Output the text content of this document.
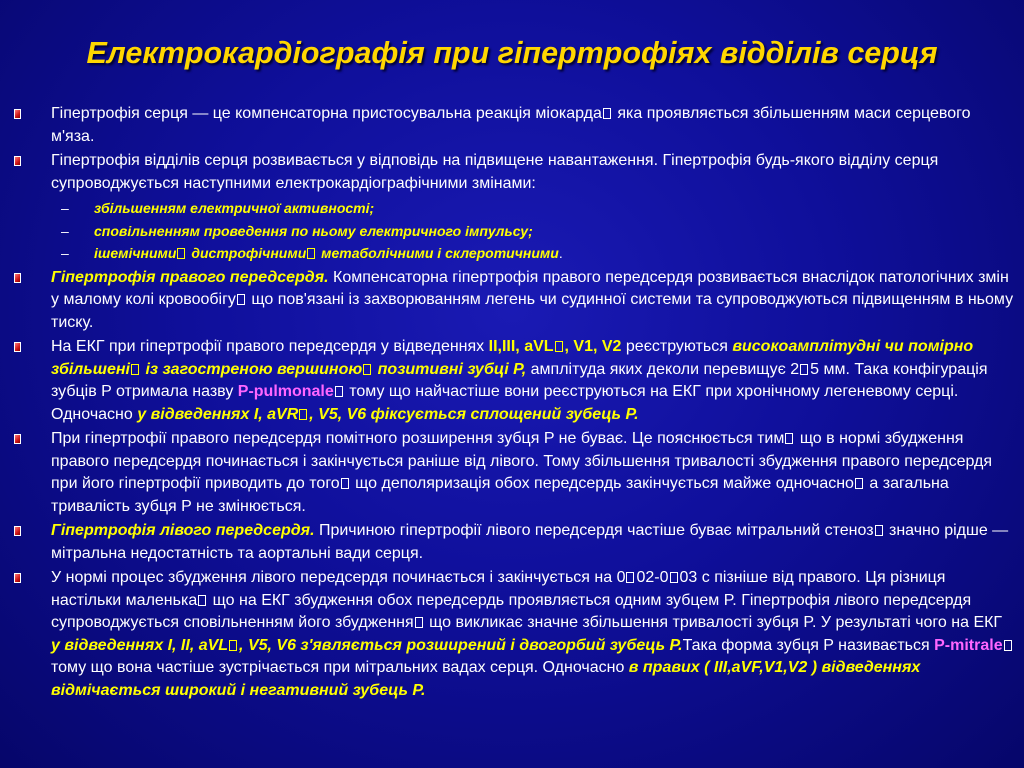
Електрокардіографія при гіпертрофіях відділів серця
Гіпертрофія серця — це компенсаторна пристосувальна реакція міокарда яка проявляється збільшенням маси серцевого м'яза.
Гіпертрофія відділів серця розвивається у відповідь на підвищене навантаження. Гіпертрофія будь-якого відділу серця супроводжується наступними електрокардіографічними змінами:
– збільшенням електричної активності;
– сповільненням проведення по ньому електричного імпульсу;
– ішемічними дистрофічними метаболічними і склеротичними.
Гіпертрофія правого передсердя. Компенсаторна гіпертрофія правого передсердя розвивається внаслідок патологічних змін у малому колі кровообігу що пов'язані із захворюванням легень чи судинної системи та супроводжуються підвищенням в ньому тиску.
На ЕКГ при гіпертрофії правого передсердя у відведеннях II,III, aVL , V1, V2 реєструються високоамплітудні чи помірно збільшені із загостреною вершиною позитивні зубці P, амплітуда яких деколи перевищує 2 5 мм. Така конфігурація зубців P отримала назву P-pulmonale тому що найчастіше вони реєструються на ЕКГ при хронічному легеневому серці. Одночасно у відведеннях I, aVR , V5, V6 фіксується сплощений зубець P.
При гіпертрофії правого передсердя помітного розширення зубця P не буває. Це пояснюється тим що в нормі збудження правого передсердя починається і закінчується раніше від лівого. Тому збільшення тривалості збудження правого передсердя при його гіпертрофії приводить до того що деполяризація обох передсердь закінчується майже одночасно а загальна тривалість зубця P не змінюється.
Гіпертрофія лівого передсердя. Причиною гіпертрофії лівого передсердя частіше буває мітральний стеноз значно рідше — мітральна недостатність та аортальні вади серця.
У нормі процес збудження лівого передсердя починається і закінчується на 0 02-0 03 с пізніше від правого. Ця різниця настільки маленька що на ЕКГ збудження обох передсердь проявляється одним зубцем P. Гіпертрофія лівого передсердя супроводжується сповільненням його збудження що викликає значне збільшення тривалості зубця P. У результаті чого на ЕКГ у відведеннях I, II, aVL , V5, V6 з'являється розширений і двогорбий зубець P.Така форма зубця P називається P-mitrale тому що вона частіше зустрічається при мітральних вадах серця. Одночасно в правих ( III,aVF,V1,V2 ) відведеннях відмічається широкий і негативний зубець P.
